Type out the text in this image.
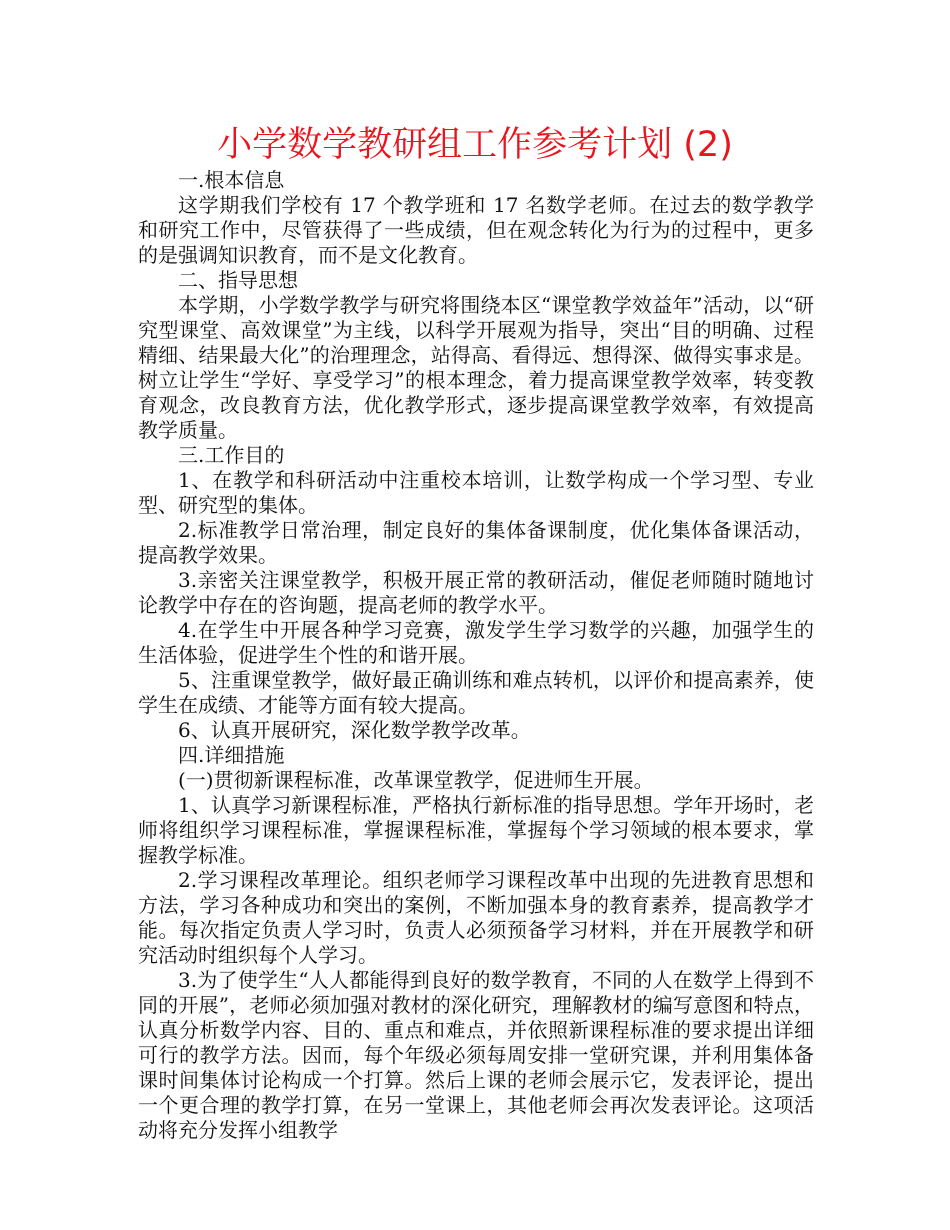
小学数学教研组工作参考计划 (2)

一.根本信息

这学期我们学校有 17 个教学班和 17 名数学老师。在过去的数学教学和研究工作中，尽管获得了一些成绩，但在观念转化为行为的过程中，更多的是强调知识教育，而不是文化教育。

二、指导思想

本学期，小学数学教学与研究将围绕本区“课堂教学效益年”活动，以“研究型课堂、高效课堂”为主线，以科学开展观为指导，突出“目的明确、过程精细、结果最大化”的治理理念，站得高、看得远、想得深、做得实事求是。树立让学生“学好、享受学习”的根本理念，着力提高课堂教学效率，转变教育观念，改良教育方法，优化教学形式，逐步提高课堂教学效率，有效提高教学质量。

三.工作目的

1、在教学和科研活动中注重校本培训，让数学构成一个学习型、专业型、研究型的集体。

2.标准教学日常治理，制定良好的集体备课制度，优化集体备课活动，提高教学效果。

3.亲密关注课堂教学，积极开展正常的教研活动，催促老师随时随地讨论教学中存在的咨询题，提高老师的教学水平。

4.在学生中开展各种学习竞赛，激发学生学习数学的兴趣，加强学生的生活体验，促进学生个性的和谐开展。

5、注重课堂教学，做好最正确训练和难点转机，以评价和提高素养，使学生在成绩、才能等方面有较大提高。

6、认真开展研究，深化数学教学改革。

四.详细措施

(一)贯彻新课程标准，改革课堂教学，促进师生开展。

1、认真学习新课程标准，严格执行新标准的指导思想。学年开场时，老师将组织学习课程标准，掌握课程标准，掌握每个学习领域的根本要求，掌握教学标准。

2.学习课程改革理论。组织老师学习课程改革中出现的先进教育思想和方法，学习各种成功和突出的案例，不断加强本身的教育素养，提高教学才能。每次指定负责人学习时，负责人必须预备学习材料，并在开展教学和研究活动时组织每个人学习。

3.为了使学生“人人都能得到良好的数学教育，不同的人在数学上得到不同的开展”，老师必须加强对教材的深化研究，理解教材的编写意图和特点，认真分析数学内容、目的、重点和难点，并依照新课程标准的要求提出详细可行的教学方法。因而，每个年级必须每周安排一堂研究课，并利用集体备课时间集体讨论构成一个打算。然后上课的老师会展示它，发表评论，提出一个更合理的教学打算，在另一堂课上，其他老师会再次发表评论。这项活动将充分发挥小组教学
